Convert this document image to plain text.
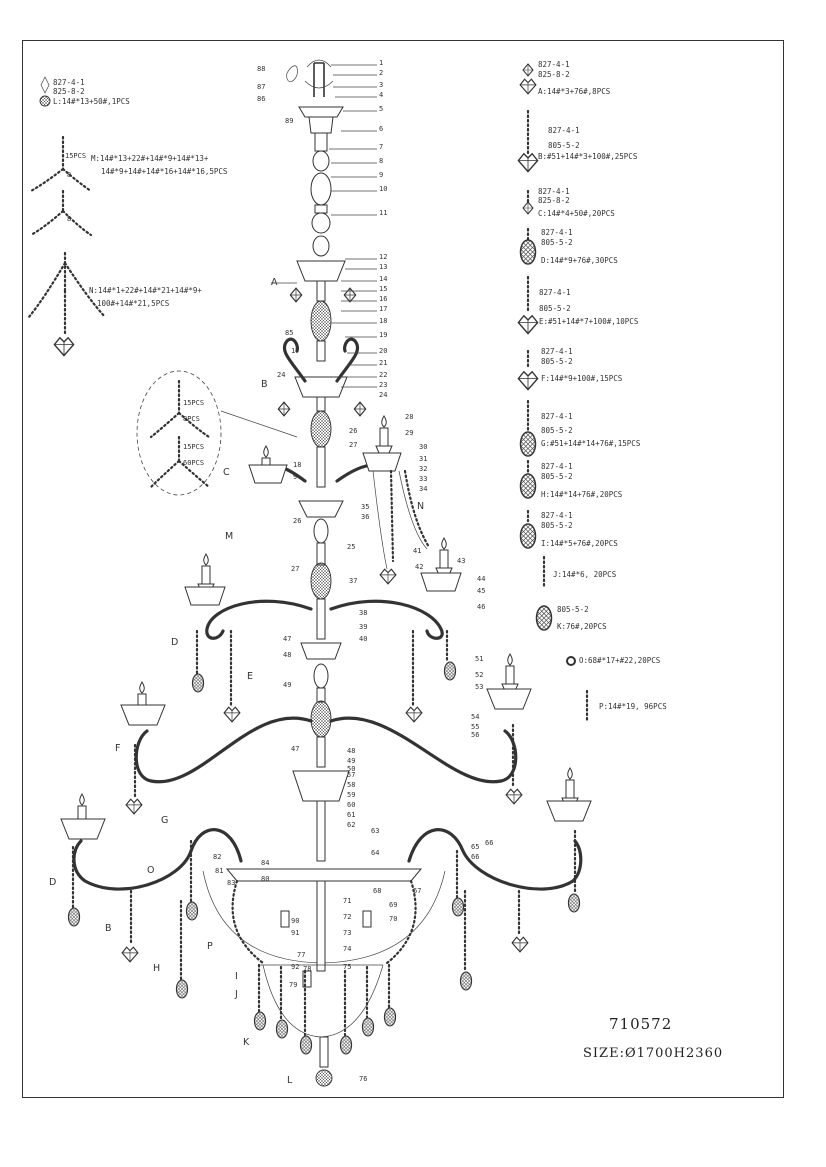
827-4-1
825-8-2
L:14#*13+50#,1PCS
15PCS
8
8
M:14#*13+22#+14#*9+14#*13+
14#*9+14#+14#*16+14#*16,5PCS
N:14#*1+22#+14#*21+14#*9+
100#+14#*21,5PCS
15PCS
8PCS
15PCS
60PCS
827-4-1
825-8-2
A:14#*3+76#,8PCS
827-4-1
805-5-2
B:#51+14#*3+100#,25PCS
827-4-1
825-8-2
C:14#*4+50#,20PCS
827-4-1
805-5-2
D:14#*9+76#,30PCS
827-4-1
805-5-2
E:#51+14#*7+100#,10PCS
827-4-1
805-5-2
F:14#*9+100#,15PCS
827-4-1
805-5-2
G:#51+14#*14+76#,15PCS
827-4-1
805-5-2
H:14#*14+76#,20PCS
827-4-1
805-5-2
I:14#*5+76#,20PCS
J:14#*6, 20PCS
805-5-2
K:76#,20PCS
O:68#*17+#22,20PCS
P:14#*19, 96PCS
A
B
C
D
E
F
G
D
B
O
H
I
J
K
L
M
N
P
1
2
3
4
5
6
7
8
9
10
11
12
13
14
15
16
17
18
19
20
21
22
23
24
25
26
27
28
29
30
31
32
33
34
35
36
37
38
39
40
41
42
43
44
45
46
47	48
49
50
51
52
53
54
55
56
57
58
59
60
61
62
63
64
65
66
67
68
69
70
71
72
73
74
75
76
88
87
86
89
85
17
18
9
24
26
27
47
48
49
66
84
80
81
82
83
90
91
92
77
78
79
710572
SIZE:Ø1700H2360
